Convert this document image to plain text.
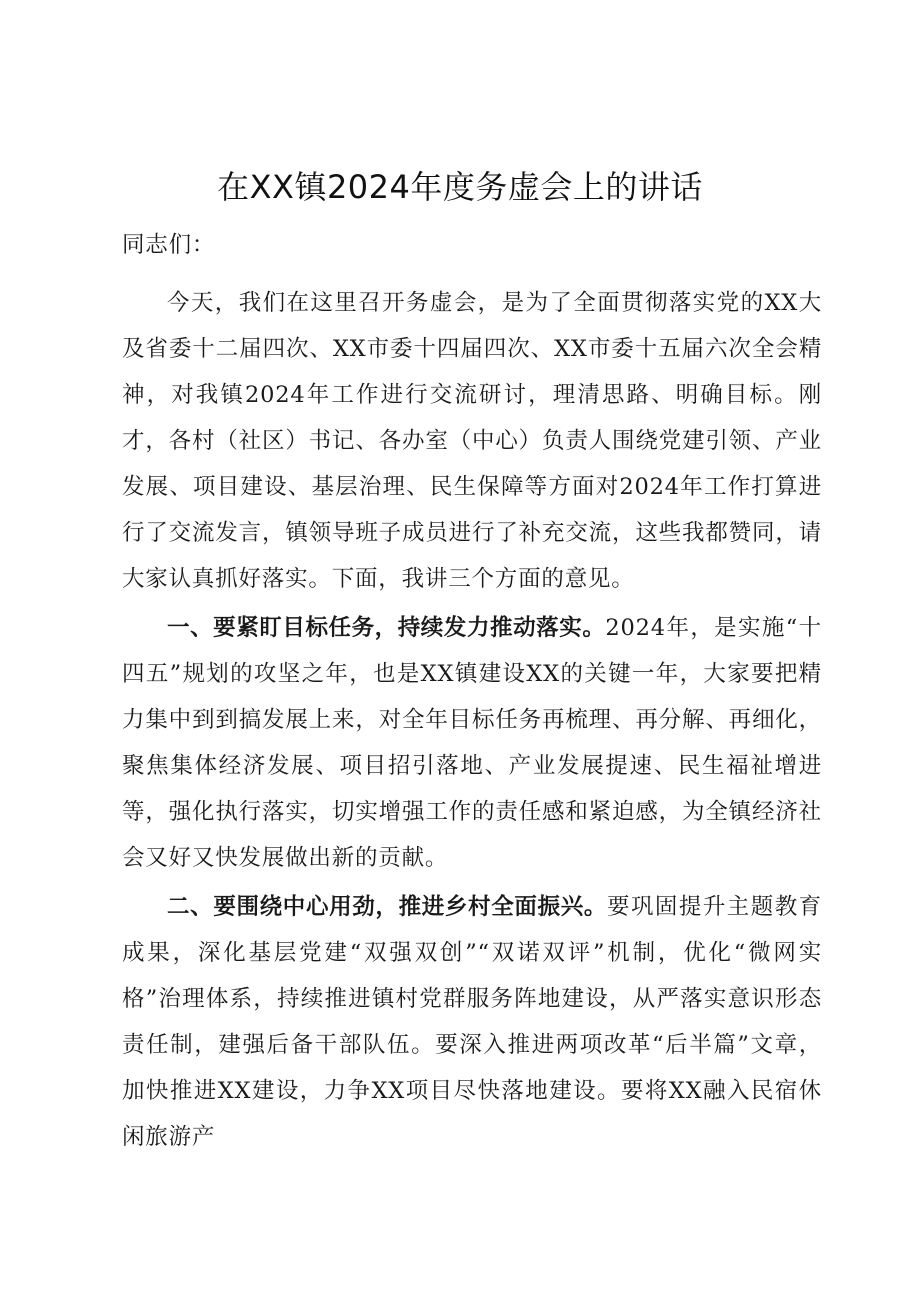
在XX镇2024年度务虚会上的讲话

同志们：

今天，我们在这里召开务虚会，是为了全面贯彻落实党的XX大及省委十二届四次、XX市委十四届四次、XX市委十五届六次全会精神，对我镇2024年工作进行交流研讨，理清思路、明确目标。刚才，各村（社区）书记、各办室（中心）负责人围绕党建引领、产业发展、项目建设、基层治理、民生保障等方面对2024年工作打算进行了交流发言，镇领导班子成员进行了补充交流，这些我都赞同，请大家认真抓好落实。下面，我讲三个方面的意见。

一、要紧盯目标任务，持续发力推动落实。2024年，是实施“十四五”规划的攻坚之年，也是XX镇建设XX的关键一年，大家要把精力集中到到搞发展上来，对全年目标任务再梳理、再分解、再细化，聚焦集体经济发展、项目招引落地、产业发展提速、民生福祉增进等，强化执行落实，切实增强工作的责任感和紧迫感，为全镇经济社会又好又快发展做出新的贡献。

二、要围绕中心用劲，推进乡村全面振兴。要巩固提升主题教育成果，深化基层党建“双强双创”“双诺双评”机制，优化“微网实格”治理体系，持续推进镇村党群服务阵地建设，从严落实意识形态责任制，建强后备干部队伍。要深入推进两项改革“后半篇”文章，加快推进XX建设，力争XX项目尽快落地建设。要将XX融入民宿休闲旅游产
